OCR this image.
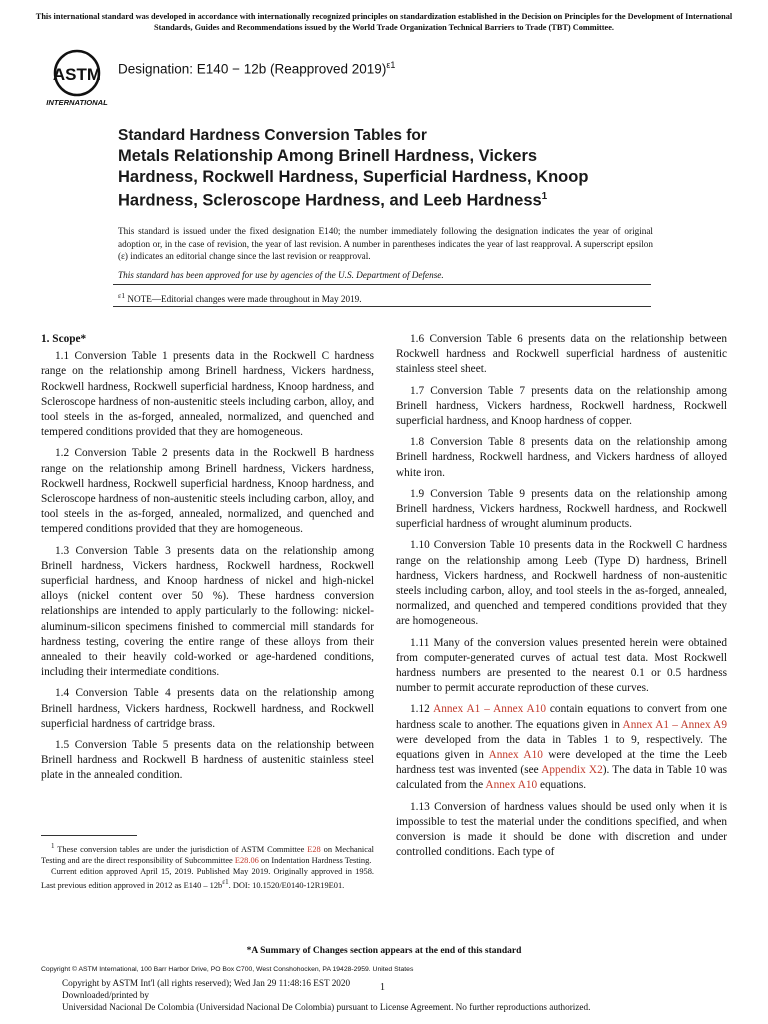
This international standard was developed in accordance with internationally recognized principles on standardization established in the Decision on Principles for the Development of International Standards, Guides and Recommendations issued by the World Trade Organization Technical Barriers to Trade (TBT) Committee.
ASTM
INTERNATIONAL
Designation: E140 − 12b (Reapproved 2019)$^{\varepsilon 1}$
Standard Hardness Conversion Tables for
Metals Relationship Among Brinell Hardness, Vickers
Hardness, Rockwell Hardness, Superficial Hardness, Knoop
Hardness, Scleroscope Hardness, and Leeb Hardness$^1$
This standard is issued under the fixed designation E140; the number immediately following the designation indicates the year of original adoption or, in the case of revision, the year of last revision. A number in parentheses indicates the year of last reapproval. A superscript epsilon (ε) indicates an editorial change since the last revision or reapproval.
This standard has been approved for use by agencies of the U.S. Department of Defense.
$^{\varepsilon 1}$ NOTE—Editorial changes were made throughout in May 2019.

1. Scope*

1.1 Conversion Table 1 presents data in the Rockwell C hardness range on the relationship among Brinell hardness, Vickers hardness, Rockwell hardness, Rockwell superficial hardness, Knoop hardness, and Scleroscope hardness of non-austenitic steels including carbon, alloy, and tool steels in the as-forged, annealed, normalized, and quenched and tempered conditions provided that they are homogeneous.

1.2 Conversion Table 2 presents data in the Rockwell B hardness range on the relationship among Brinell hardness, Vickers hardness, Rockwell hardness, Rockwell superficial hardness, Knoop hardness, and Scleroscope hardness of non-austenitic steels including carbon, alloy, and tool steels in the as-forged, annealed, normalized, and quenched and tempered conditions provided that they are homogeneous.

1.3 Conversion Table 3 presents data on the relationship among Brinell hardness, Vickers hardness, Rockwell hardness, Rockwell superficial hardness, and Knoop hardness of nickel and high-nickel alloys (nickel content over 50 %). These hardness conversion relationships are intended to apply particularly to the following: nickel-aluminum-silicon specimens finished to commercial mill standards for hardness testing, covering the entire range of these alloys from their annealed to their heavily cold-worked or age-hardened conditions, including their intermediate conditions.

1.4 Conversion Table 4 presents data on the relationship among Brinell hardness, Vickers hardness, Rockwell hardness, and Rockwell superficial hardness of cartridge brass.

1.5 Conversion Table 5 presents data on the relationship between Brinell hardness and Rockwell B hardness of austenitic stainless steel plate in the annealed condition.

1.6 Conversion Table 6 presents data on the relationship between Rockwell hardness and Rockwell superficial hardness of austenitic stainless steel sheet.

1.7 Conversion Table 7 presents data on the relationship among Brinell hardness, Vickers hardness, Rockwell hardness, Rockwell superficial hardness, and Knoop hardness of copper.

1.8 Conversion Table 8 presents data on the relationship among Brinell hardness, Rockwell hardness, and Vickers hardness of alloyed white iron.

1.9 Conversion Table 9 presents data on the relationship among Brinell hardness, Vickers hardness, Rockwell hardness, and Rockwell superficial hardness of wrought aluminum products.

1.10 Conversion Table 10 presents data in the Rockwell C hardness range on the relationship among Leeb (Type D) hardness, Brinell hardness, Vickers hardness, and Rockwell hardness of non-austenitic steels including carbon, alloy, and tool steels in the as-forged, annealed, normalized, and quenched and tempered conditions provided that they are homogeneous.

1.11 Many of the conversion values presented herein were obtained from computer-generated curves of actual test data. Most Rockwell hardness numbers are presented to the nearest 0.1 or 0.5 hardness number to permit accurate reproduction of these curves.

1.12 Annex A1 – Annex A10 contain equations to convert from one hardness scale to another. The equations given in Annex A1 – Annex A9 were developed from the data in Tables 1 to 9, respectively. The equations given in Annex A10 were developed at the time the Leeb hardness test was invented (see Appendix X2). The data in Table 10 was calculated from the Annex A10 equations.

1.13 Conversion of hardness values should be used only when it is impossible to test the material under the conditions specified, and when conversion is made it should be done with discretion and under controlled conditions. Each type of

$^1$ These conversion tables are under the jurisdiction of ASTM Committee E28 on Mechanical Testing and are the direct responsibility of Subcommittee E28.06 on Indentation Hardness Testing.

Current edition approved April 15, 2019. Published May 2019. Originally approved in 1958. Last previous edition approved in 2012 as $E140 - 12b^{\varepsilon 1}$. DOI: 10.1520/E0140-12R19E01.

*A Summary of Changes section appears at the end of this standard
Copyright © ASTM International, 100 Barr Harbor Drive, PO Box C700, West Conshohocken, PA 19428-2959. United States
Copyright by ASTM Int'l (all rights reserved); Wed Jan 29 11:48:16 EST 2020
Downloaded/printed by
Universidad Nacional De Colombia (Universidad Nacional De Colombia) pursuant to License Agreement. No further reproductions authorized.
1
